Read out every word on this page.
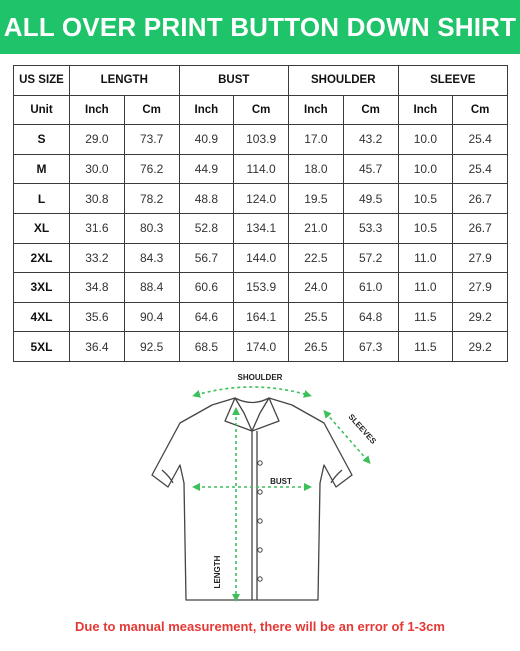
ALL OVER PRINT BUTTON DOWN SHIRT
US SIZE	LENGTH		BUST		SHOULDER		SLEEVE	
Unit	Inch	Cm	Inch	Cm	Inch	Cm	Inch	Cm
S	29.0	73.7	40.9	103.9	17.0	43.2	10.0	25.4
M	30.0	76.2	44.9	114.0	18.0	45.7	10.0	25.4
L	30.8	78.2	48.8	124.0	19.5	49.5	10.5	26.7
XL	31.6	80.3	52.8	134.1	21.0	53.3	10.5	26.7
2XL	33.2	84.3	56.7	144.0	22.5	57.2	11.0	27.9
3XL	34.8	88.4	60.6	153.9	24.0	61.0	11.0	27.9
4XL	35.6	90.4	64.6	164.1	25.5	64.8	11.5	29.2
5XL	36.4	92.5	68.5	174.0	26.5	67.3	11.5	29.2
SHOULDER
SLEEVES
BUST
LENGTH
Due to manual measurement, there will be an error of 1-3cm
